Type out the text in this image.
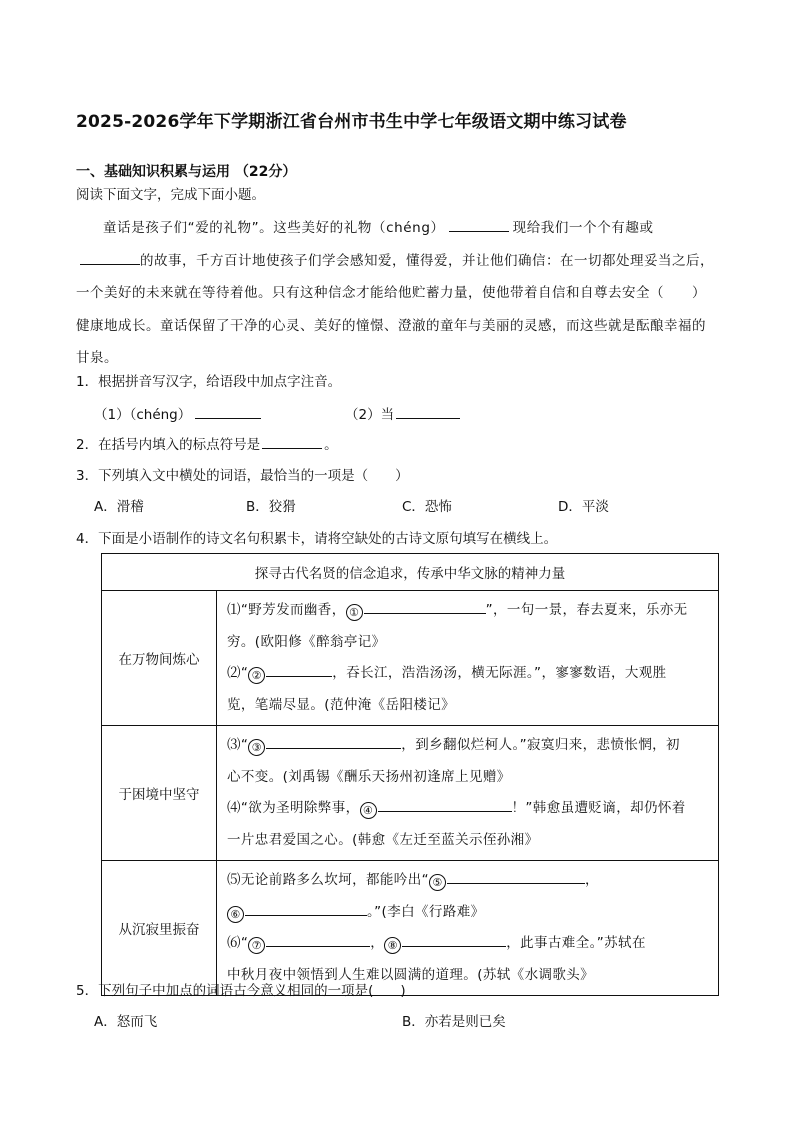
2025-2026学年下学期浙江省台州市书生中学七年级语文期中练习试卷
一、基础知识积累与运用 （22分）
阅读下面文字，完成下面小题。
童话是孩子们“爱的礼物”。这些美好的礼物（chéng）	现给我们一个个有趣或的故事，千方百计地使孩子们学会感知爱，懂得爱，并让他们确信：在一切都处理妥当之后，一个美好的未来就在等待着他。只有这种信念才能给他贮蓄力量，使他带着自信和自尊去安全（　　）健康地成长。童话保留了干净的心灵、美好的憧憬、澄澈的童年与美丽的灵感，而这些就是酝酿幸福的甘泉。
1．根据拼音写汉字，给语段中加点字注音。
（1）（chéng）	（2）当
2．在括号内填入的标点符号是	。
3．下列填入文中横处的词语，最恰当的一项是（　　）
A．滑稽	B．狡猾	C．恐怖	D．平淡
4．下面是小语制作的诗文名句积累卡，请将空缺处的古诗文原句填写在横线上。
探寻古代名贤的信念追求，传承中华文脉的精神力量	
在万物间炼心	⑴“野芳发而幽香， ① ”，一句一景，春去夏来，乐亦无
穷。(欧阳修《醉翁亭记》
⑵“ ② ，吞长江，浩浩汤汤，横无际涯。”，寥寥数语，大观胜
览，笔端尽显。(范仲淹《岳阳楼记》

于困境中坚守	⑶“ ③ ，到乡翻似烂柯人。”寂寞归来，悲愤怅惘，初
心不变。(刘禹锡《酬乐天扬州初逢席上见赠》
⑷“欲为圣明除弊事， ④ ！”韩愈虽遭贬谪，却仍怀着
一片忠君爱国之心。(韩愈《左迁至蓝关示侄孙湘》

从沉寂里振奋	⑸无论前路多么坎坷，都能吟出“ ⑤ ，
⑥ 。”(李白《行路难》
⑹“ ⑦ ， ⑧ ，此事古难全。”苏轼在
中秋月夜中领悟到人生难以圆满的道理。(苏轼《水调歌头》
5．下列句子中加点的词语古今意义相同的一项是(　　)
A．怒而飞	B．亦若是则已矣
